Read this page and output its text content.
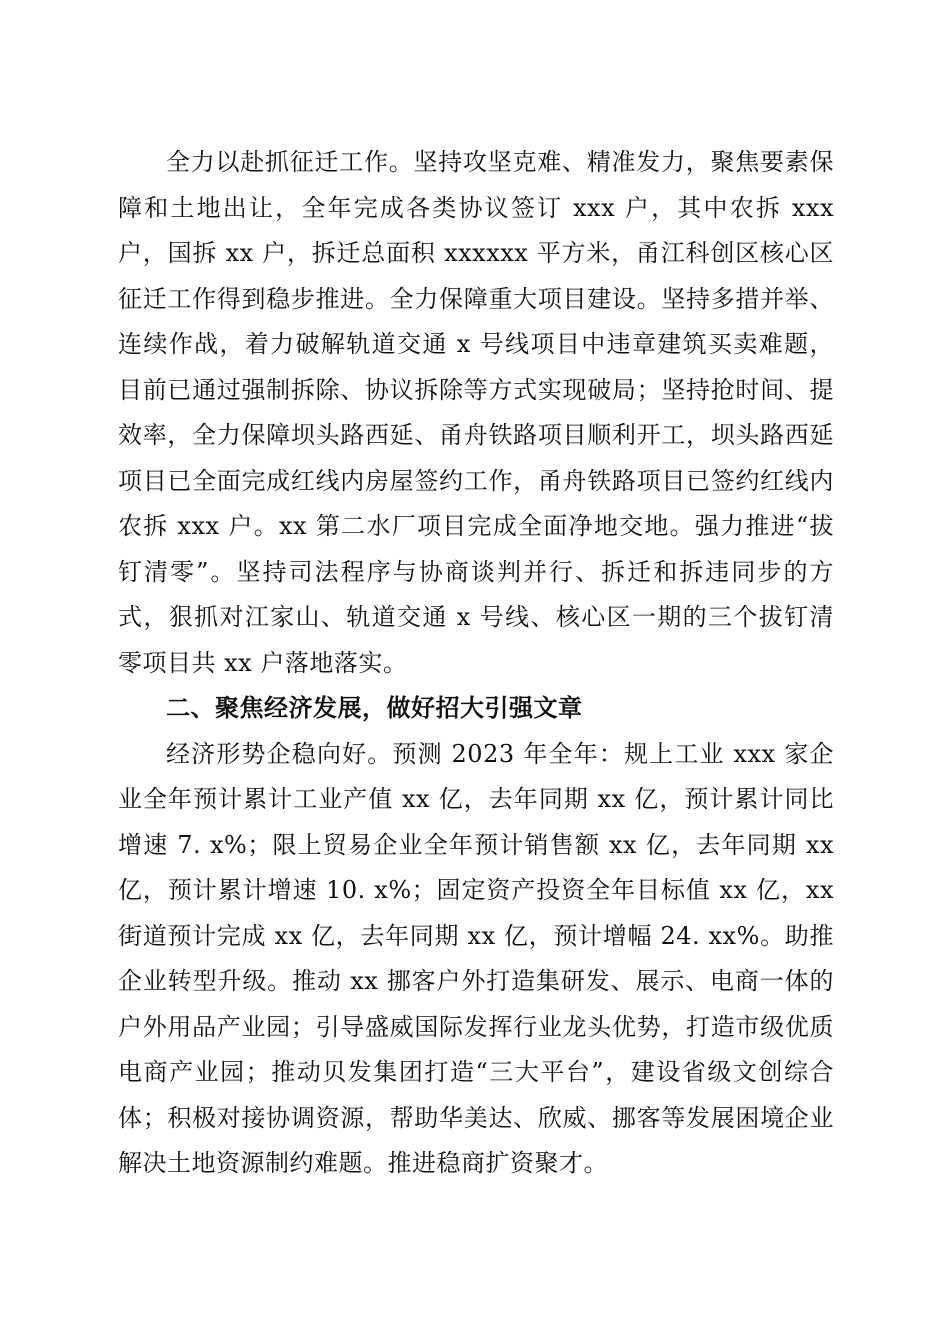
全力以赴抓征迁工作。坚持攻坚克难、精准发力，聚焦要素保障和土地出让，全年完成各类协议签订 xxx 户，其中农拆 xxx 户，国拆 xx 户，拆迁总面积 xxxxxx 平方米，甬江科创区核心区征迁工作得到稳步推进。全力保障重大项目建设。坚持多措并举、连续作战，着力破解轨道交通 x 号线项目中违章建筑买卖难题，目前已通过强制拆除、协议拆除等方式实现破局；坚持抢时间、提效率，全力保障坝头路西延、甬舟铁路项目顺利开工，坝头路西延项目已全面完成红线内房屋签约工作，甬舟铁路项目已签约红线内农拆 xxx 户。xx 第二水厂项目完成全面净地交地。强力推进“拔钉清零”。坚持司法程序与协商谈判并行、拆迁和拆违同步的方式，狠抓对江家山、轨道交通 x 号线、核心区一期的三个拔钉清零项目共 xx 户落地落实。

二、聚焦经济发展，做好招大引强文章

经济形势企稳向好。预测 2023 年全年：规上工业 xxx 家企业全年预计累计工业产值 xx 亿，去年同期 xx 亿，预计累计同比增速 7. x%；限上贸易企业全年预计销售额 xx 亿，去年同期 xx 亿，预计累计增速 10. x%；固定资产投资全年目标值 xx 亿，xx 街道预计完成 xx 亿，去年同期 xx 亿，预计增幅 24. xx%。助推企业转型升级。推动 xx 挪客户外打造集研发、展示、电商一体的户外用品产业园；引导盛威国际发挥行业龙头优势，打造市级优质电商产业园；推动贝发集团打造“三大平台”，建设省级文创综合体；积极对接协调资源，帮助华美达、欣威、挪客等发展困境企业解决土地资源制约难题。推进稳商扩资聚才。
